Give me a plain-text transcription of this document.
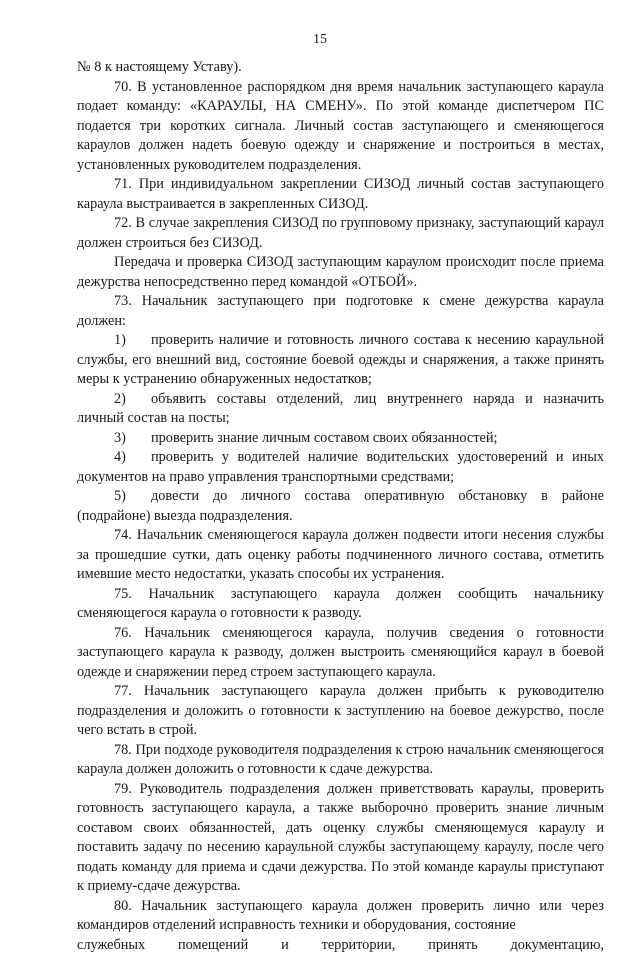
15

№ 8 к настоящему Уставу).

70. В установленное распорядком дня время начальник заступающего караула подает команду: «КАРАУЛЫ, НА СМЕНУ». По этой команде диспетчером ПС подается три коротких сигнала. Личный состав заступающего и сменяющегося караулов должен надеть боевую одежду и снаряжение и построиться в местах, установленных руководителем подразделения.

71. При индивидуальном закреплении СИЗОД личный состав заступающего караула выстраивается в закрепленных СИЗОД.

72. В случае закрепления СИЗОД по групповому признаку, заступающий караул должен строиться без СИЗОД.

Передача и проверка СИЗОД заступающим караулом происходит после приема дежурства непосредственно перед командой «ОТБОЙ».

73. Начальник заступающего при подготовке к смене дежурства караула должен:

1) проверить наличие и готовность личного состава к несению караульной службы, его внешний вид, состояние боевой одежды и снаряжения, а также принять меры к устранению обнаруженных недостатков;

2) объявить составы отделений, лиц внутреннего наряда и назначить личный состав на посты;

3) проверить знание личным составом своих обязанностей;

4) проверить у водителей наличие водительских удостоверений и иных документов на право управления транспортными средствами;

5) довести до личного состава оперативную обстановку в районе (подрайоне) выезда подразделения.

74. Начальник сменяющегося караула должен подвести итоги несения службы за прошедшие сутки, дать оценку работы подчиненного личного состава, отметить имевшие место недостатки, указать способы их устранения.

75. Начальник заступающего караула должен сообщить начальнику сменяющегося караула о готовности к разводу.

76. Начальник сменяющегося караула, получив сведения о готовности заступающего караула к разводу, должен выстроить сменяющийся караул в боевой одежде и снаряжении перед строем заступающего караула.

77. Начальник заступающего караула должен прибыть к руководителю подразделения и доложить о готовности к заступлению на боевое дежурство, после чего встать в строй.

78. При подходе руководителя подразделения к строю начальник сменяющегося караула должен доложить о готовности к сдаче дежурства.

79. Руководитель подразделения должен приветствовать караулы, проверить готовность заступающего караула, а также выборочно проверить знание личным составом своих обязанностей, дать оценку службы сменяющемуся караулу и поставить задачу по несению караульной службы заступающему караулу, после чего подать команду для приема и сдачи дежурства. По этой команде караулы приступают к приему-сдаче дежурства.

80. Начальник заступающего караула должен проверить лично или через командиров отделений исправность техники и оборудования, состояние

служебных помещений и территории, принять документацию,
